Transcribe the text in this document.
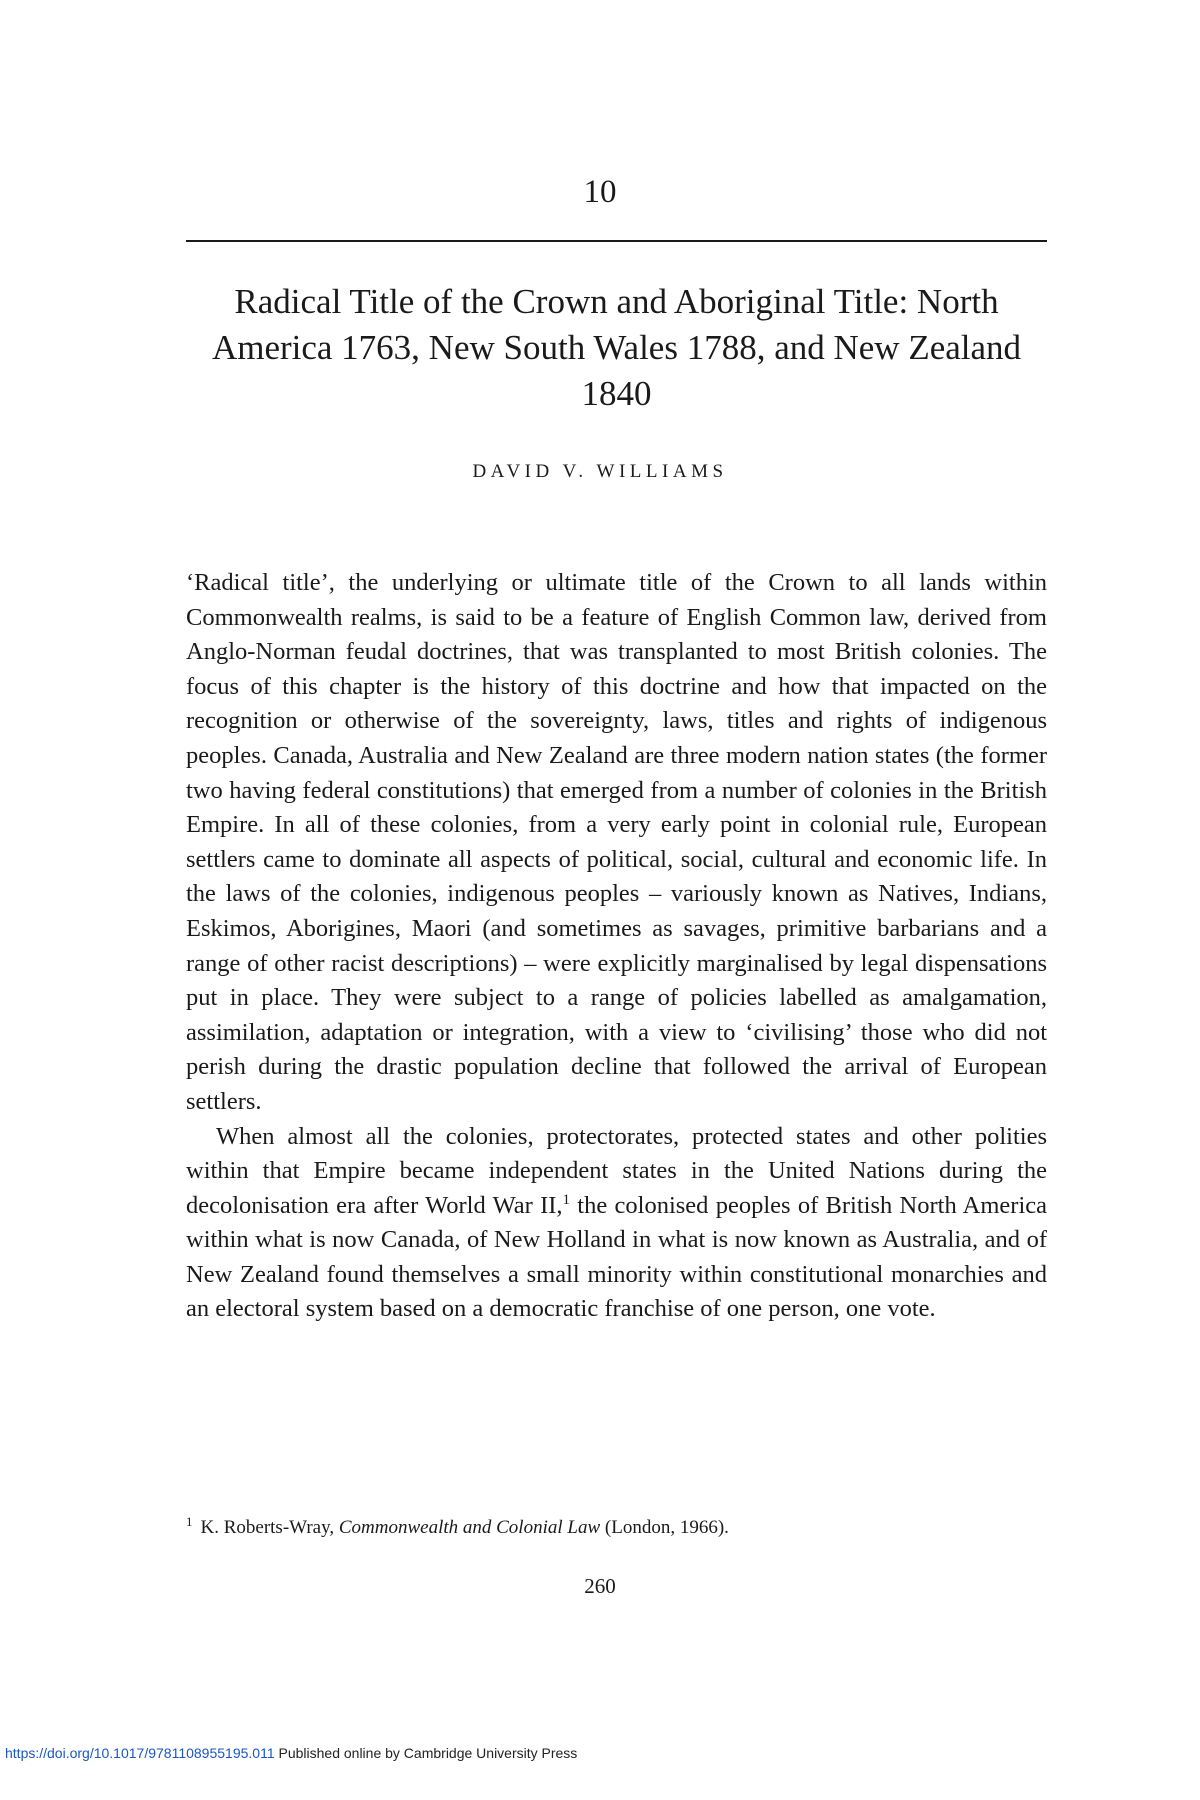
10
Radical Title of the Crown and Aboriginal Title: North America 1763, New South Wales 1788, and New Zealand 1840
DAVID V. WILLIAMS

‘Radical title’, the underlying or ultimate title of the Crown to all lands within Commonwealth realms, is said to be a feature of English Common law, derived from Anglo-Norman feudal doctrines, that was transplanted to most British colonies. The focus of this chapter is the history of this doctrine and how that impacted on the recognition or otherwise of the sovereignty, laws, titles and rights of indigenous peoples. Canada, Australia and New Zealand are three modern nation states (the former two having federal constitutions) that emerged from a number of colonies in the British Empire. In all of these colonies, from a very early point in colonial rule, European settlers came to dominate all aspects of political, social, cultural and economic life. In the laws of the colonies, indigenous peoples – variously known as Natives, Indians, Eskimos, Aborigines, Maori (and sometimes as savages, primitive barbarians and a range of other racist descriptions) – were explicitly marginalised by legal dispensations put in place. They were subject to a range of policies labelled as amalgamation, assimilation, adaptation or integration, with a view to ‘civilising’ those who did not perish during the drastic population decline that followed the arrival of European settlers.

When almost all the colonies, protectorates, protected states and other polities within that Empire became independent states in the United Nations during the decolonisation era after World War II,$^1$ the colonised peoples of British North America within what is now Canada, of New Holland in what is now known as Australia, and of New Zealand found themselves a small minority within constitutional monarchies and an electoral system based on a democratic franchise of one person, one vote.

$^1$ K. Roberts-Wray, Commonwealth and Colonial Law (London, 1966).
260
https://doi.org/10.1017/9781108955195.011 Published online by Cambridge University Press
